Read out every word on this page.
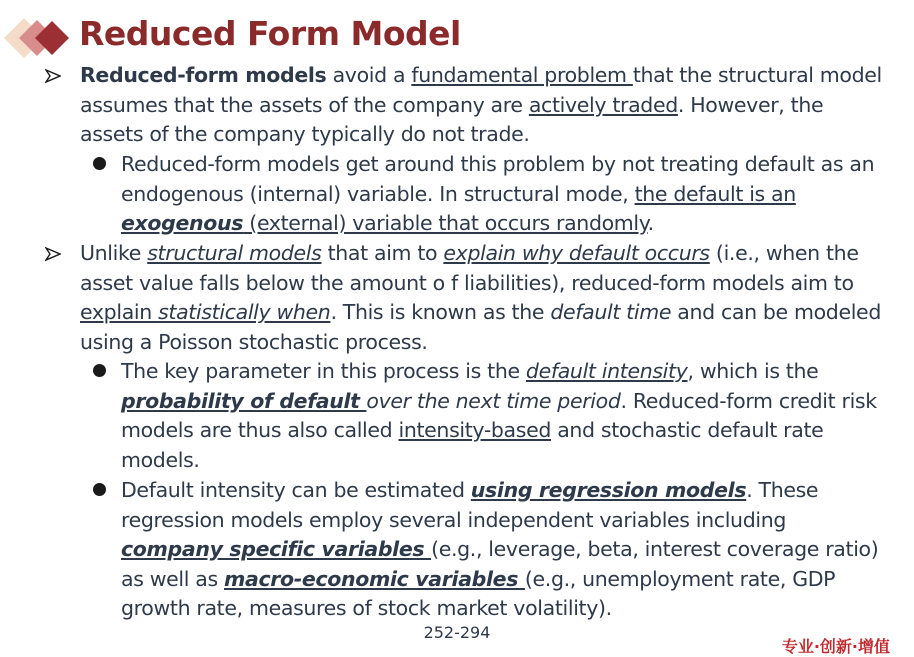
Reduced Form Model
Reduced-form models avoid a fundamental problem that the structural model assumes that the assets of the company are actively traded. However, the assets of the company typically do not trade.
Reduced-form models get around this problem by not treating default as an endogenous (internal) variable. In structural mode, the default is an exogenous (external) variable that occurs randomly.
Unlike structural models that aim to explain why default occurs (i.e., when the asset value falls below the amount o f liabilities), reduced-form models aim to explain statistically when. This is known as the default time and can be modeled using a Poisson stochastic process.
The key parameter in this process is the default intensity, which is the probability of default over the next time period. Reduced-form credit risk models are thus also called intensity-based and stochastic default rate models.
Default intensity can be estimated using regression models. These regression models employ several independent variables including company specific variables (e.g., leverage, beta, interest coverage ratio) as well as macro-economic variables (e.g., unemployment rate, GDP growth rate, measures of stock market volatility).
252-294
专业·创新·增值
